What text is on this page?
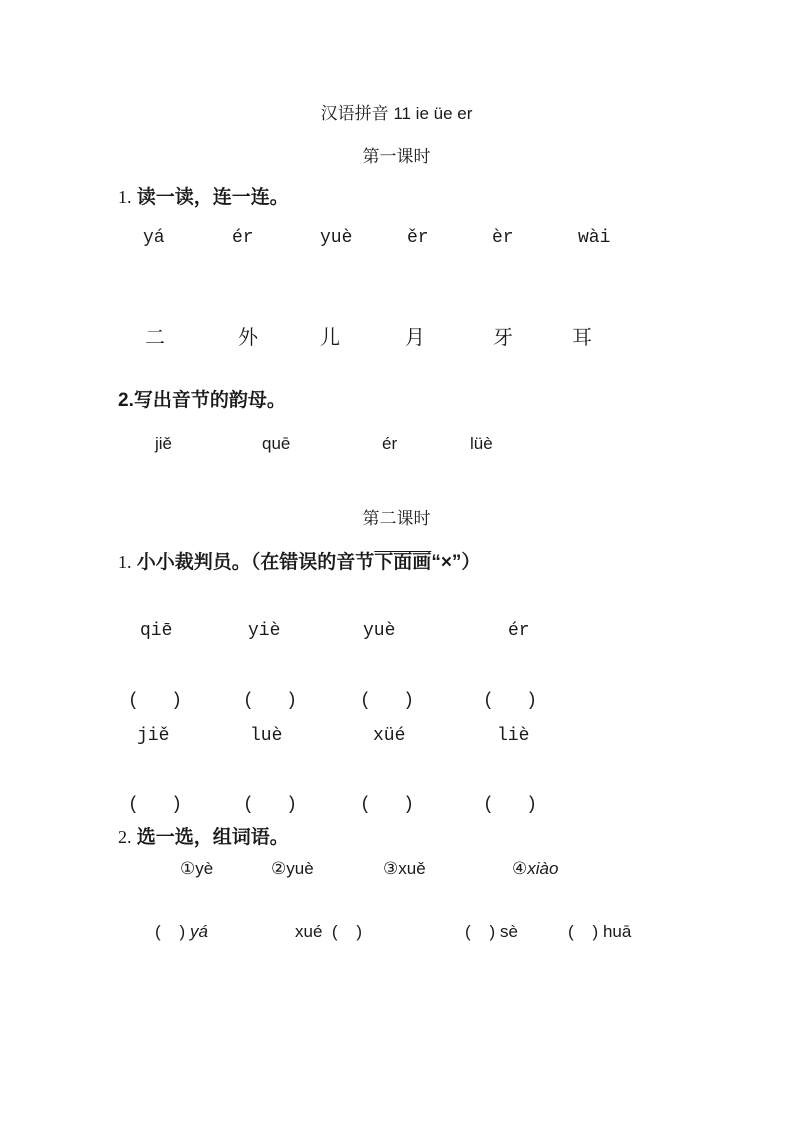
汉语拼音 11 ie üe er
第一课时
1. 读一读，连一连。
yá	ér	yuè	ěr	èr	wài
二	外	儿	月	牙	耳
2.写出音节的韵母。
jiě	quē	ér	lüè
第二课时
1. 小小裁判员。（在错误的音节下面画“×”）
qiē	yiè	yuè	ér
(   )	(   )	(   )	(   )
jiě	luè	xüé	liè
(   )	(   )	(   )	(   )
2. 选一选，组词语。
①yè	②yuè	③xuě	④xiào
(    ) yá	xué (    )	(    ) sè	(    ) huā
